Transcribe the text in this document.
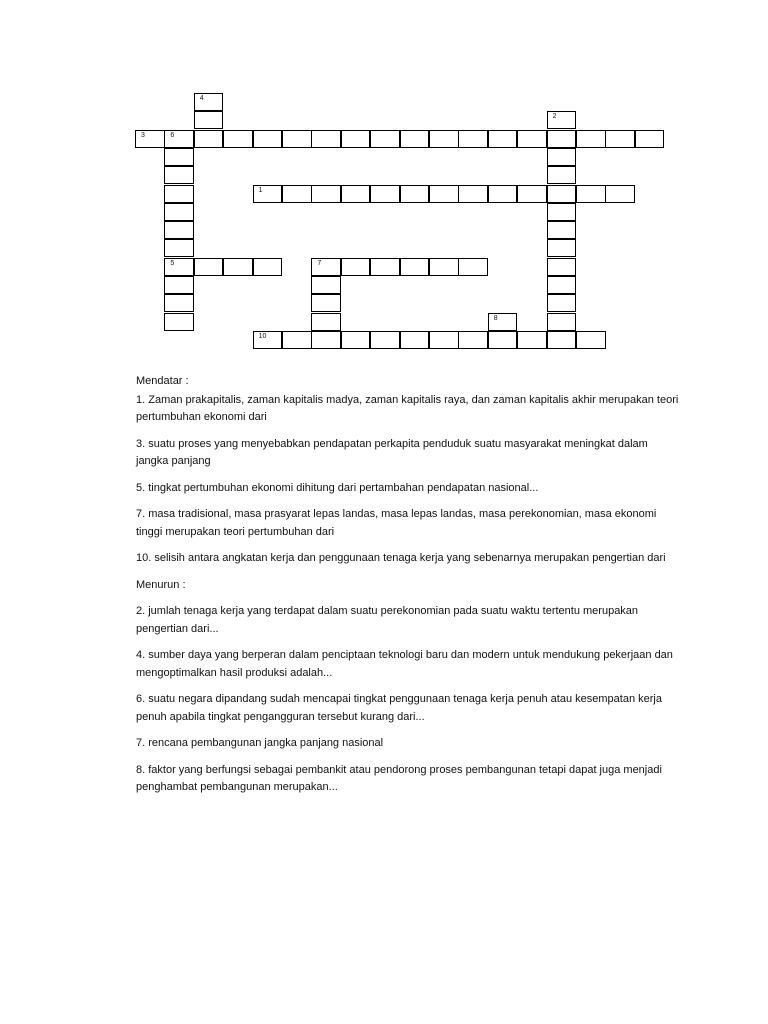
4
2
3	6
1
5	7
8
10
Mendatar :
1. Zaman prakapitalis, zaman kapitalis madya, zaman kapitalis raya, dan zaman kapitalis akhir merupakan teori pertumbuhan ekonomi dari
3. suatu proses yang menyebabkan pendapatan perkapita penduduk suatu masyarakat meningkat dalam jangka panjang
5. tingkat pertumbuhan ekonomi dihitung dari pertambahan pendapatan nasional...
7. masa tradisional, masa prasyarat lepas landas, masa lepas landas, masa perekonomian, masa ekonomi tinggi merupakan teori pertumbuhan dari
10. selisih antara angkatan kerja dan penggunaan tenaga kerja yang sebenarnya merupakan pengertian dari
Menurun :
2. jumlah tenaga kerja yang terdapat dalam suatu perekonomian pada suatu waktu tertentu merupakan pengertian dari...
4. sumber daya yang berperan dalam penciptaan teknologi baru dan modern untuk mendukung pekerjaan dan mengoptimalkan hasil produksi adalah...
6. suatu negara dipandang sudah mencapai tingkat penggunaan tenaga kerja penuh atau kesempatan kerja penuh apabila tingkat pengangguran tersebut kurang dari...
7. rencana pembangunan jangka panjang nasional
8. faktor yang berfungsi sebagai pembankit atau pendorong proses pembangunan tetapi dapat juga menjadi penghambat pembangunan merupakan...
